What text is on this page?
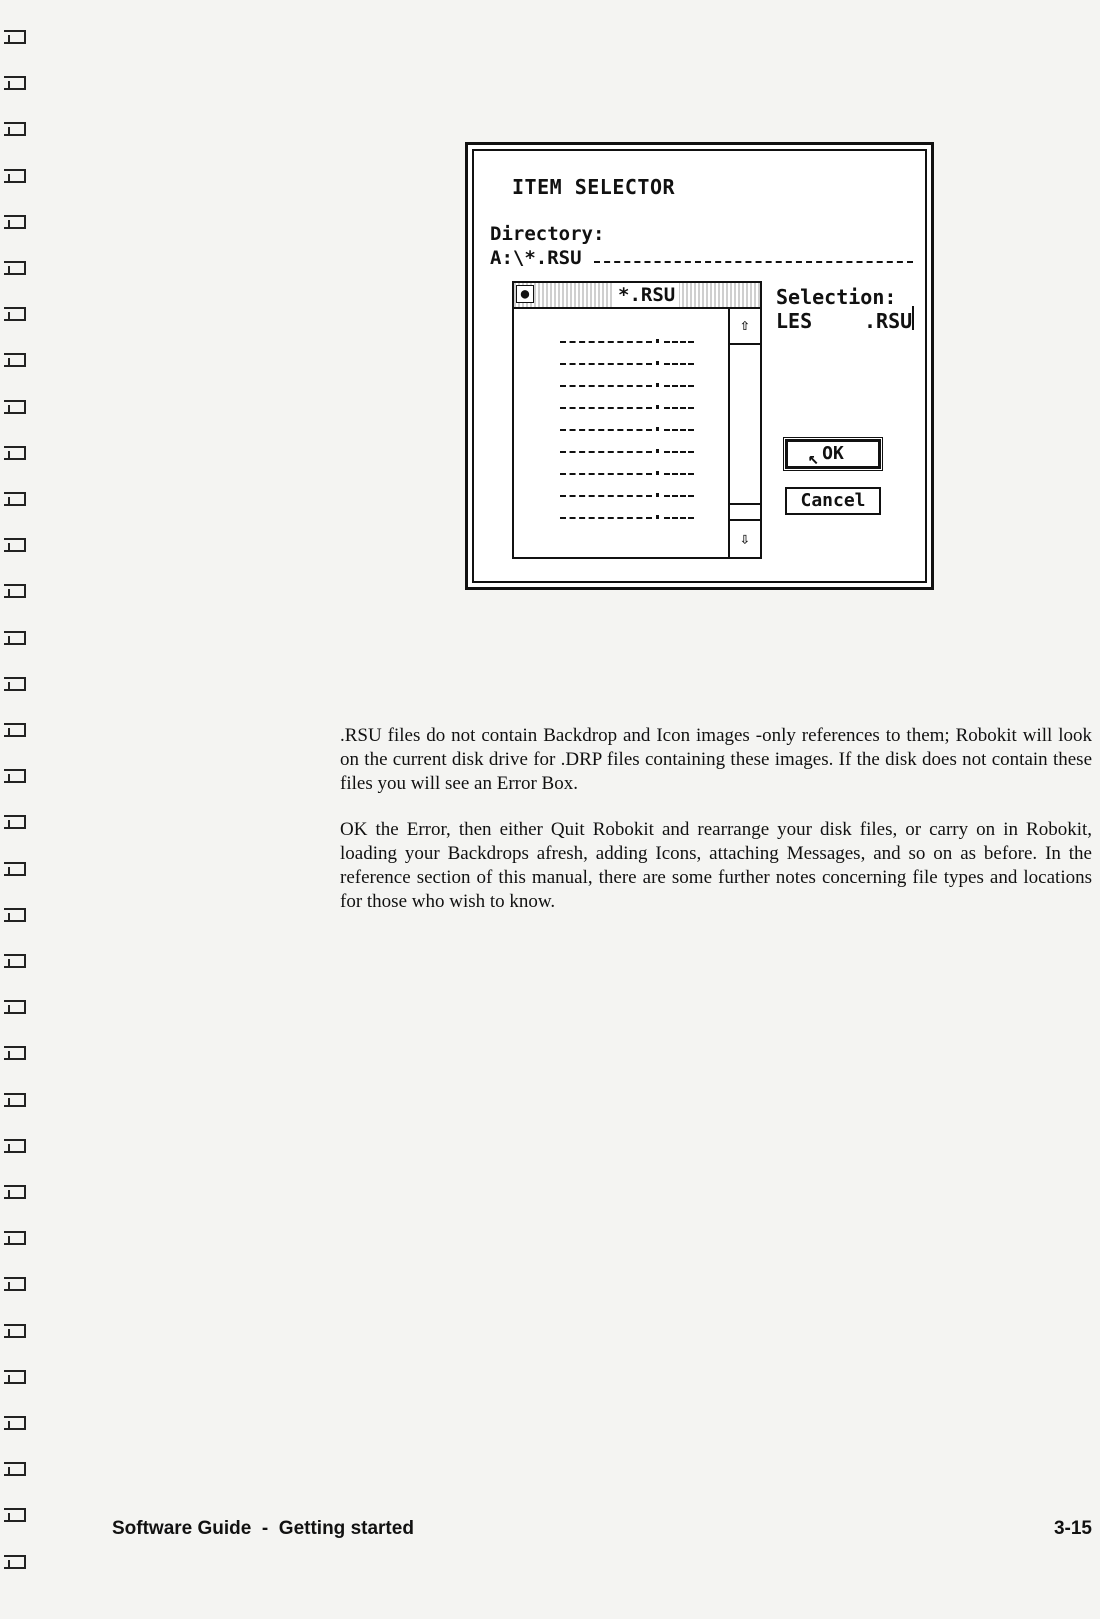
ITEM SELECTOR
Directory:
A:\*.RSU
●	*.RSU
⇧
⇩
Selection:
LES	.RSU
OK
↖
Cancel

.RSU files do not contain Backdrop and Icon images -only references to them; Robokit will look on the current disk drive for .DRP files containing these images. If the disk does not contain these files you will see an Error Box.

OK the Error, then either Quit Robokit and rearrange your disk files, or carry on in Robokit, loading your Backdrops afresh, adding Icons, attaching Messages, and so on as before. In the reference section of this manual, there are some further notes concerning file types and locations for those who wish to know.

Software Guide  -  Getting started	3-15
